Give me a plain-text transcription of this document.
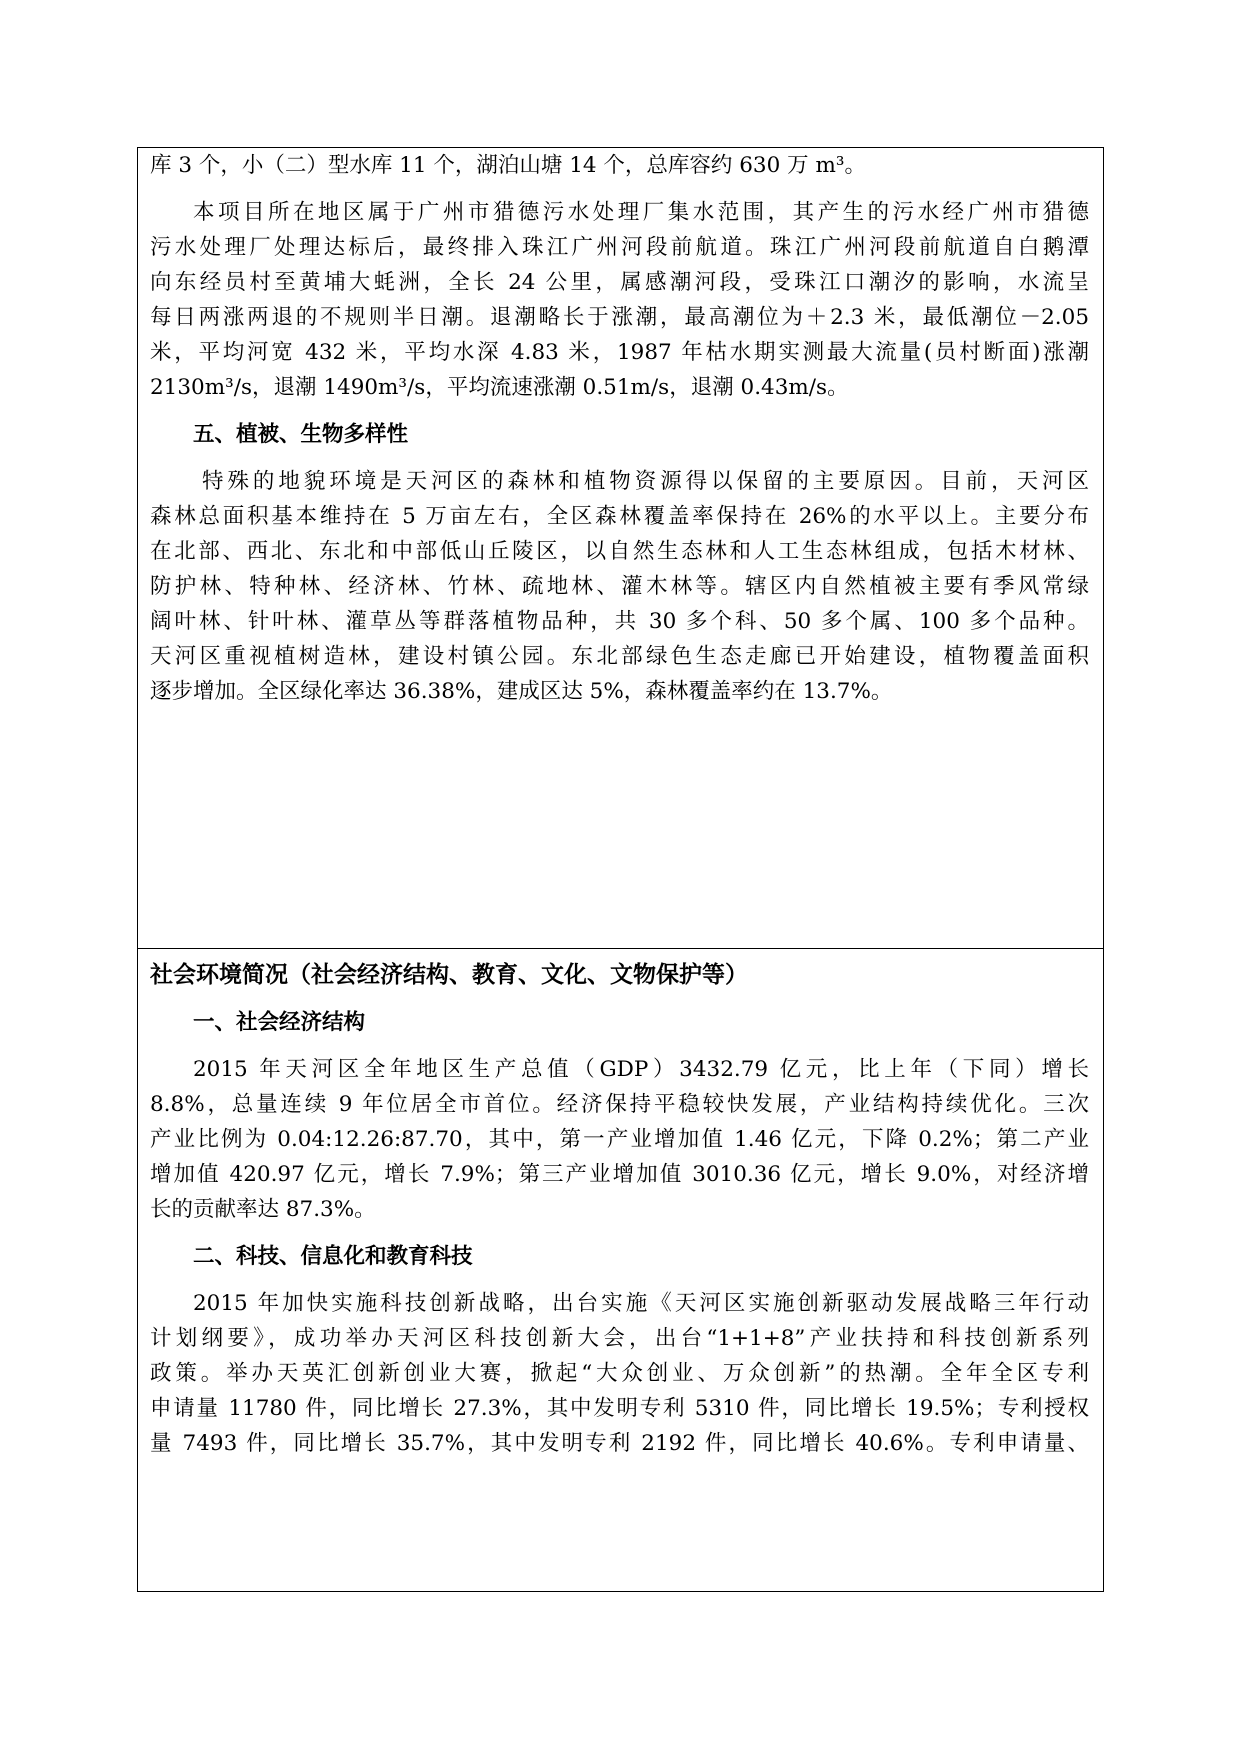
库 3 个，小（二）型水库 11 个，湖泊山塘 14 个，总库容约 630 万 m³。
本项目所在地区属于广州市猎德污水处理厂集水范围，其产生的污水经广州市猎德
污水处理厂处理达标后，最终排入珠江广州河段前航道。珠江广州河段前航道自白鹅潭
向东经员村至黄埔大蚝洲，全长 24 公里，属感潮河段，受珠江口潮汐的影响，水流呈
每日两涨两退的不规则半日潮。退潮略长于涨潮，最高潮位为＋2.3 米，最低潮位－2.05
米，平均河宽 432 米，平均水深 4.83 米，1987 年枯水期实测最大流量(员村断面)涨潮
2130m³/s，退潮 1490m³/s，平均流速涨潮 0.51m/s，退潮 0.43m/s。
五、植被、生物多样性
特殊的地貌环境是天河区的森林和植物资源得以保留的主要原因。目前，天河区
森林总面积基本维持在 5 万亩左右，全区森林覆盖率保持在 26%的水平以上。主要分布
在北部、西北、东北和中部低山丘陵区，以自然生态林和人工生态林组成，包括木材林、
防护林、特种林、经济林、竹林、疏地林、灌木林等。辖区内自然植被主要有季风常绿
阔叶林、针叶林、灌草丛等群落植物品种，共 30 多个科、50 多个属、100 多个品种。
天河区重视植树造林，建设村镇公园。东北部绿色生态走廊已开始建设，植物覆盖面积
逐步增加。全区绿化率达 36.38%，建成区达 5%，森林覆盖率约在 13.7%。
社会环境简况（社会经济结构、教育、文化、文物保护等）
一、社会经济结构
2015 年天河区全年地区生产总值（GDP）3432.79 亿元，比上年（下同）增长
8.8%，总量连续 9 年位居全市首位。经济保持平稳较快发展，产业结构持续优化。三次
产业比例为 0.04:12.26:87.70，其中，第一产业增加值 1.46 亿元，下降 0.2%；第二产业
增加值 420.97 亿元，增长 7.9%；第三产业增加值 3010.36 亿元，增长 9.0%，对经济增
长的贡献率达 87.3%。
二、科技、信息化和教育科技
2015 年加快实施科技创新战略，出台实施《天河区实施创新驱动发展战略三年行动
计划纲要》，成功举办天河区科技创新大会，出台“1+1+8”产业扶持和科技创新系列
政策。举办天英汇创新创业大赛，掀起“大众创业、万众创新”的热潮。全年全区专利
申请量 11780 件，同比增长 27.3%，其中发明专利 5310 件，同比增长 19.5%；专利授权
量 7493 件，同比增长 35.7%，其中发明专利 2192 件，同比增长 40.6%。专利申请量、
